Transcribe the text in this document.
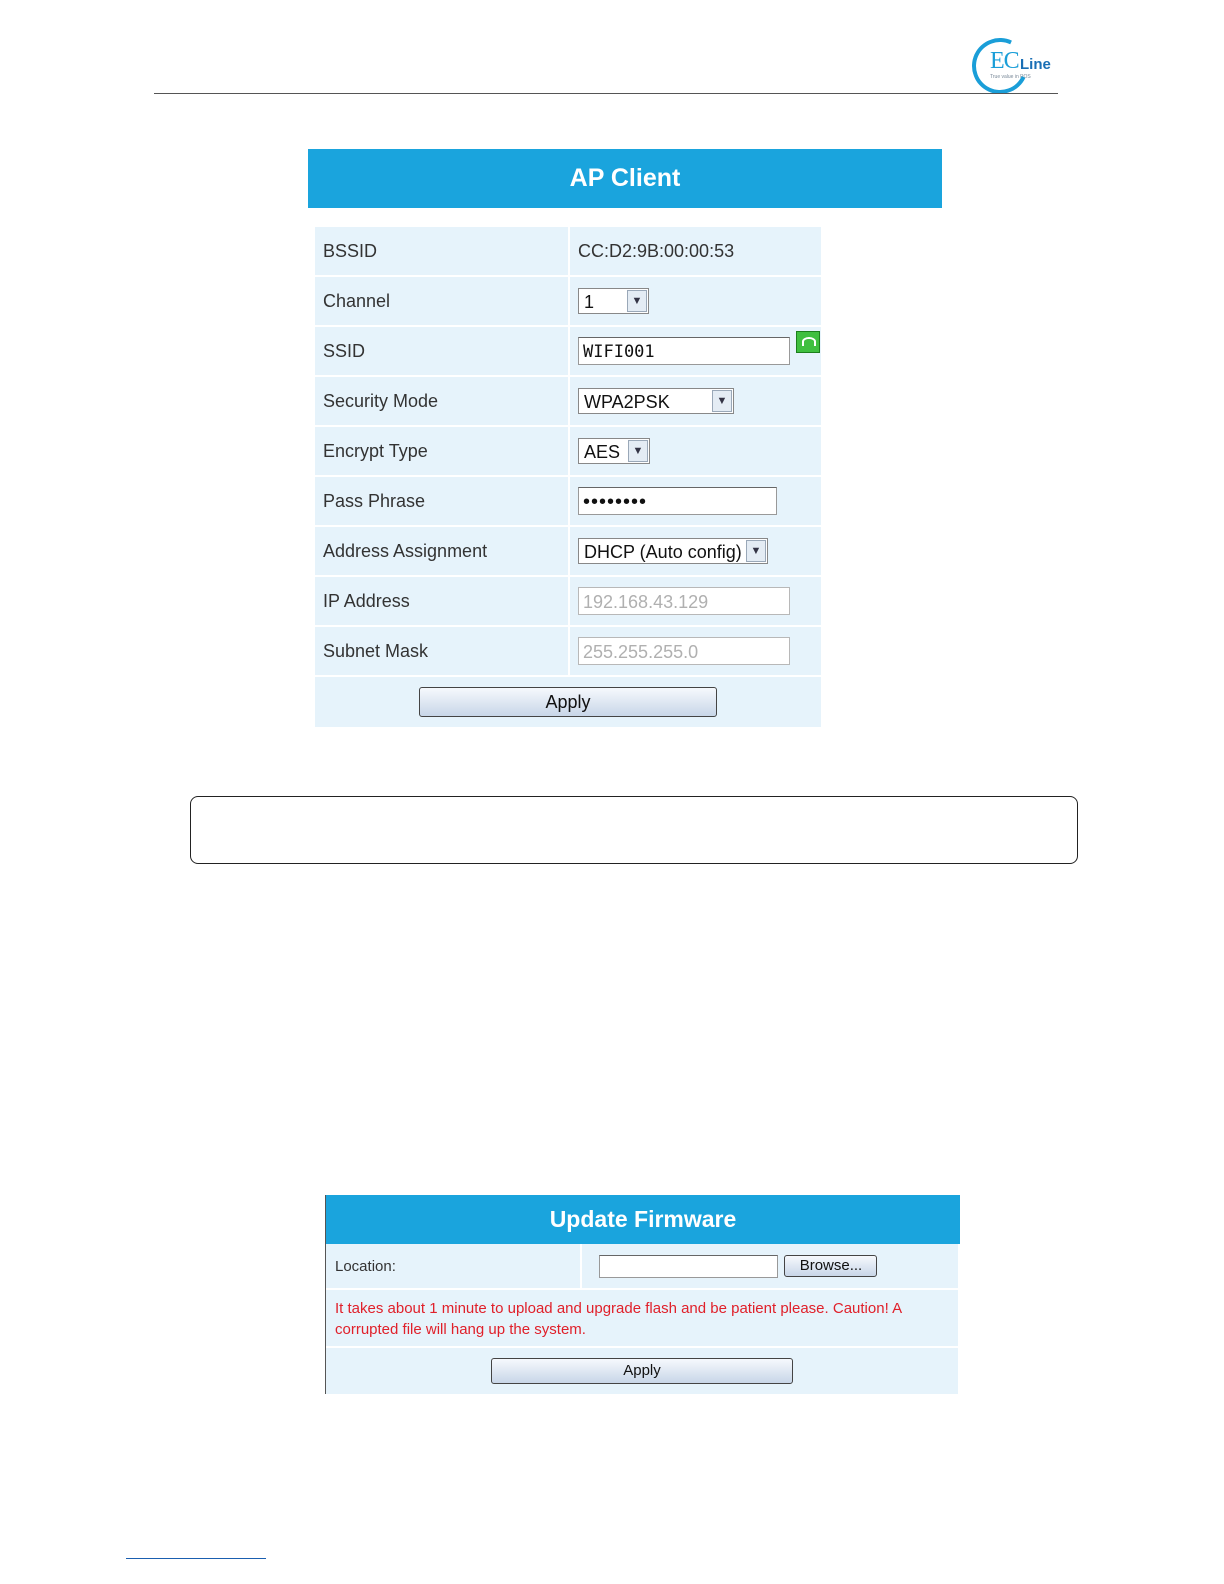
EC Line
True value in POS
AP Client
BSSID	CC:D2:9B:00:00:53
Channel	1 ▼

SSID	WIFI001
Security Mode	WPA2PSK ▼

Encrypt Type	AES ▼

Pass Phrase	••••••••
Address Assignment	DHCP (Auto config) ▼

IP Address	192.168.43.129
Subnet Mask	255.255.255.0
Apply	
Update Firmware
Location:	Browse...
It takes about 1 minute to upload and upgrade flash and be patient please. Caution! A corrupted file will hang up the system.
Apply
